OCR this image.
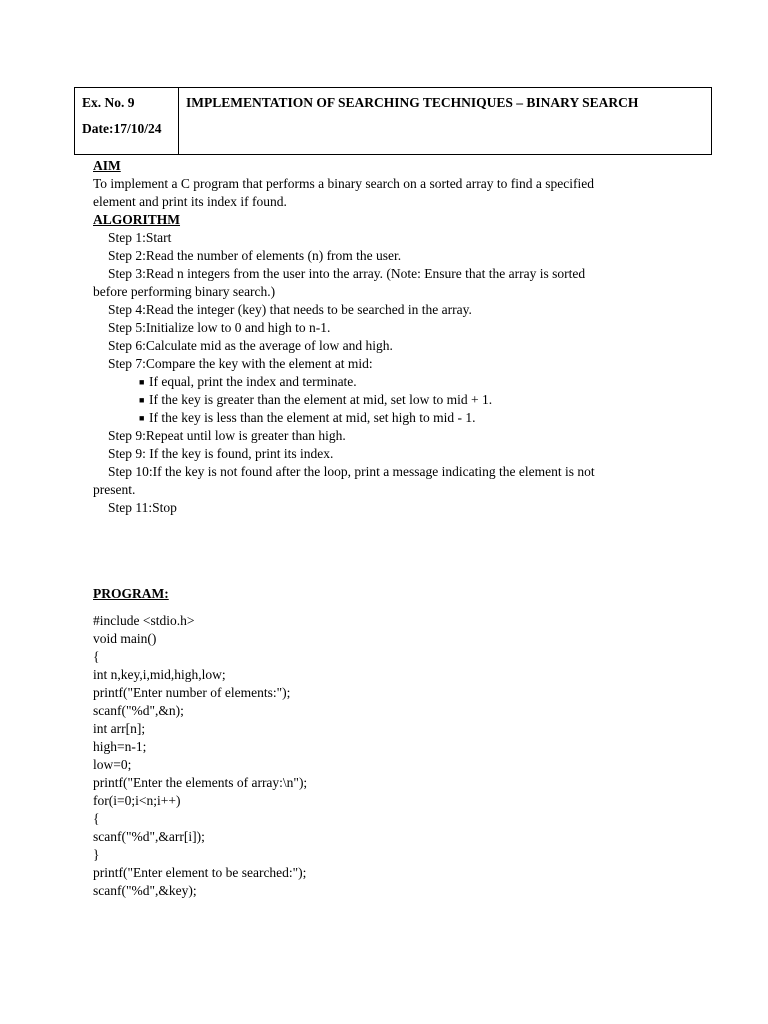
Ex. No. 9
Date:17/10/24
IMPLEMENTATION OF SEARCHING TECHNIQUES – BINARY SEARCH
AIM
To implement a C program that performs a binary search on a sorted array to find a specified
element and print its index if found.
ALGORITHM
Step 1:Start
Step 2:Read the number of elements (n) from the user.
Step 3:Read n integers from the user into the array. (Note: Ensure that the array is sorted
before performing binary search.)
Step 4:Read the integer (key) that needs to be searched in the array.
Step 5:Initialize low to 0 and high to n-1.
Step 6:Calculate mid as the average of low and high.
Step 7:Compare the key with the element at mid:
■ If equal, print the index and terminate.
■ If the key is greater than the element at mid, set low to mid + 1.
■ If the key is less than the element at mid, set high to mid - 1.
Step 9:Repeat until low is greater than high.
Step 9: If the key is found, print its index.
Step 10:If the key is not found after the loop, print a message indicating the element is not
present.
Step 11:Stop
PROGRAM:
#include <stdio.h>
void main()
{
int n,key,i,mid,high,low;
printf("Enter number of elements:");
scanf("%d",&n);
int arr[n];
high=n-1;
low=0;
printf("Enter the elements of array:\n");
for(i=0;i<n;i++)
{
scanf("%d",&arr[i]);
}
printf("Enter element to be searched:");
scanf("%d",&key);
